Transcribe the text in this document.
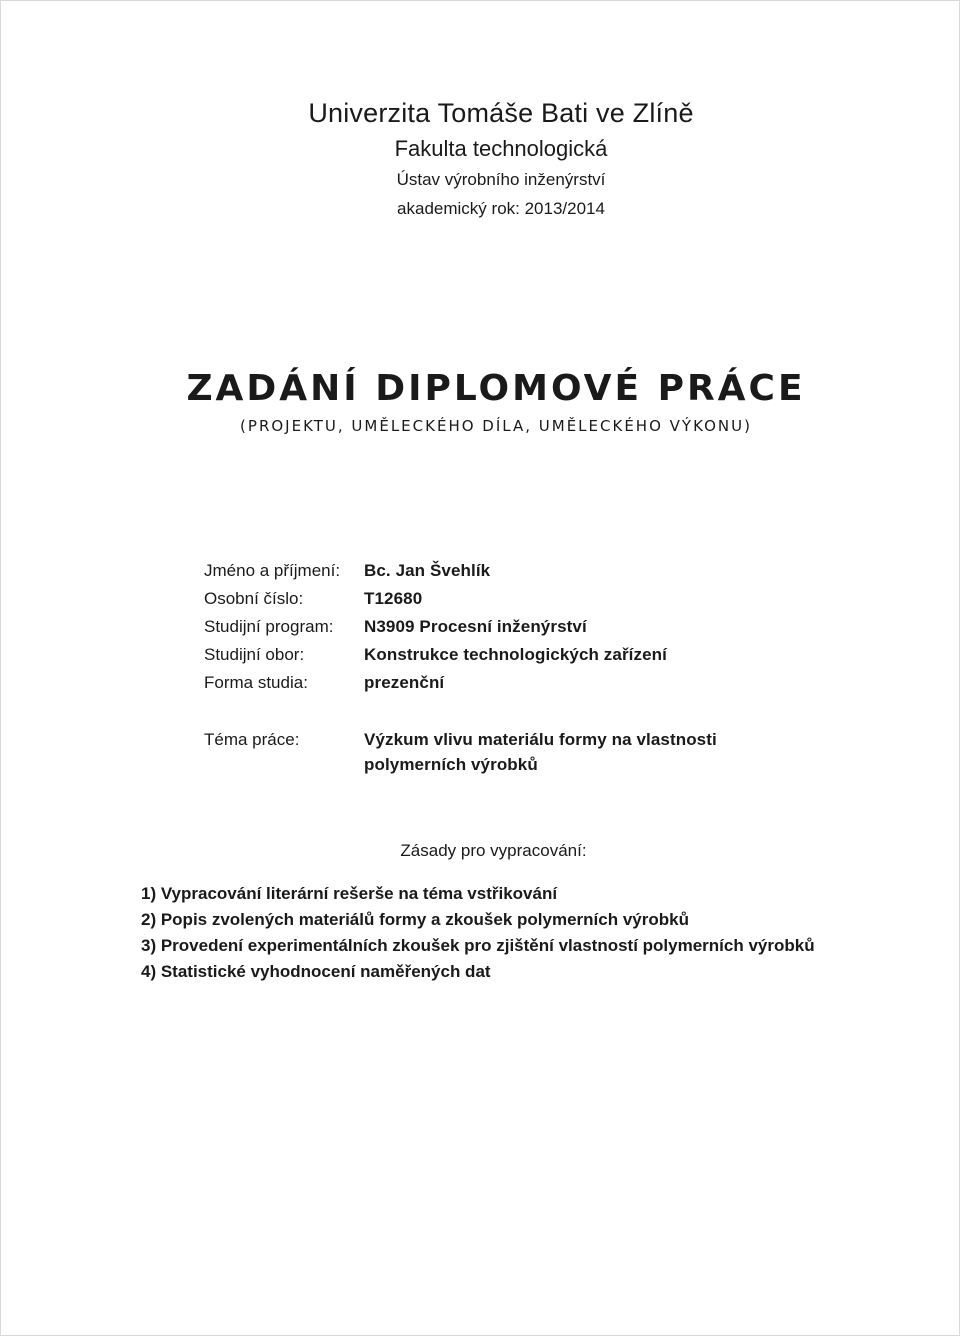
Univerzita Tomáše Bati ve Zlíně
Fakulta technologická
Ústav výrobního inženýrství
akademický rok: 2013/2014
ZADÁNÍ DIPLOMOVÉ PRÁCE
(PROJEKTU, UMĚLECKÉHO DÍLA, UMĚLECKÉHO VÝKONU)
Jméno a příjmení:	Bc. Jan Švehlík
Osobní číslo:	T12680
Studijní program:	N3909 Procesní inženýrství
Studijní obor:	Konstrukce technologických zařízení
Forma studia:	prezenční
Téma práce:	Výzkum vlivu materiálu formy na vlastnosti
polymerních výrobků
Zásady pro vypracování:
1) Vypracování literární rešerše na téma vstřikování
2) Popis zvolených materiálů formy a zkoušek polymerních výrobků
3) Provedení experimentálních zkoušek pro zjištění vlastností polymerních výrobků
4) Statistické vyhodnocení naměřených dat
